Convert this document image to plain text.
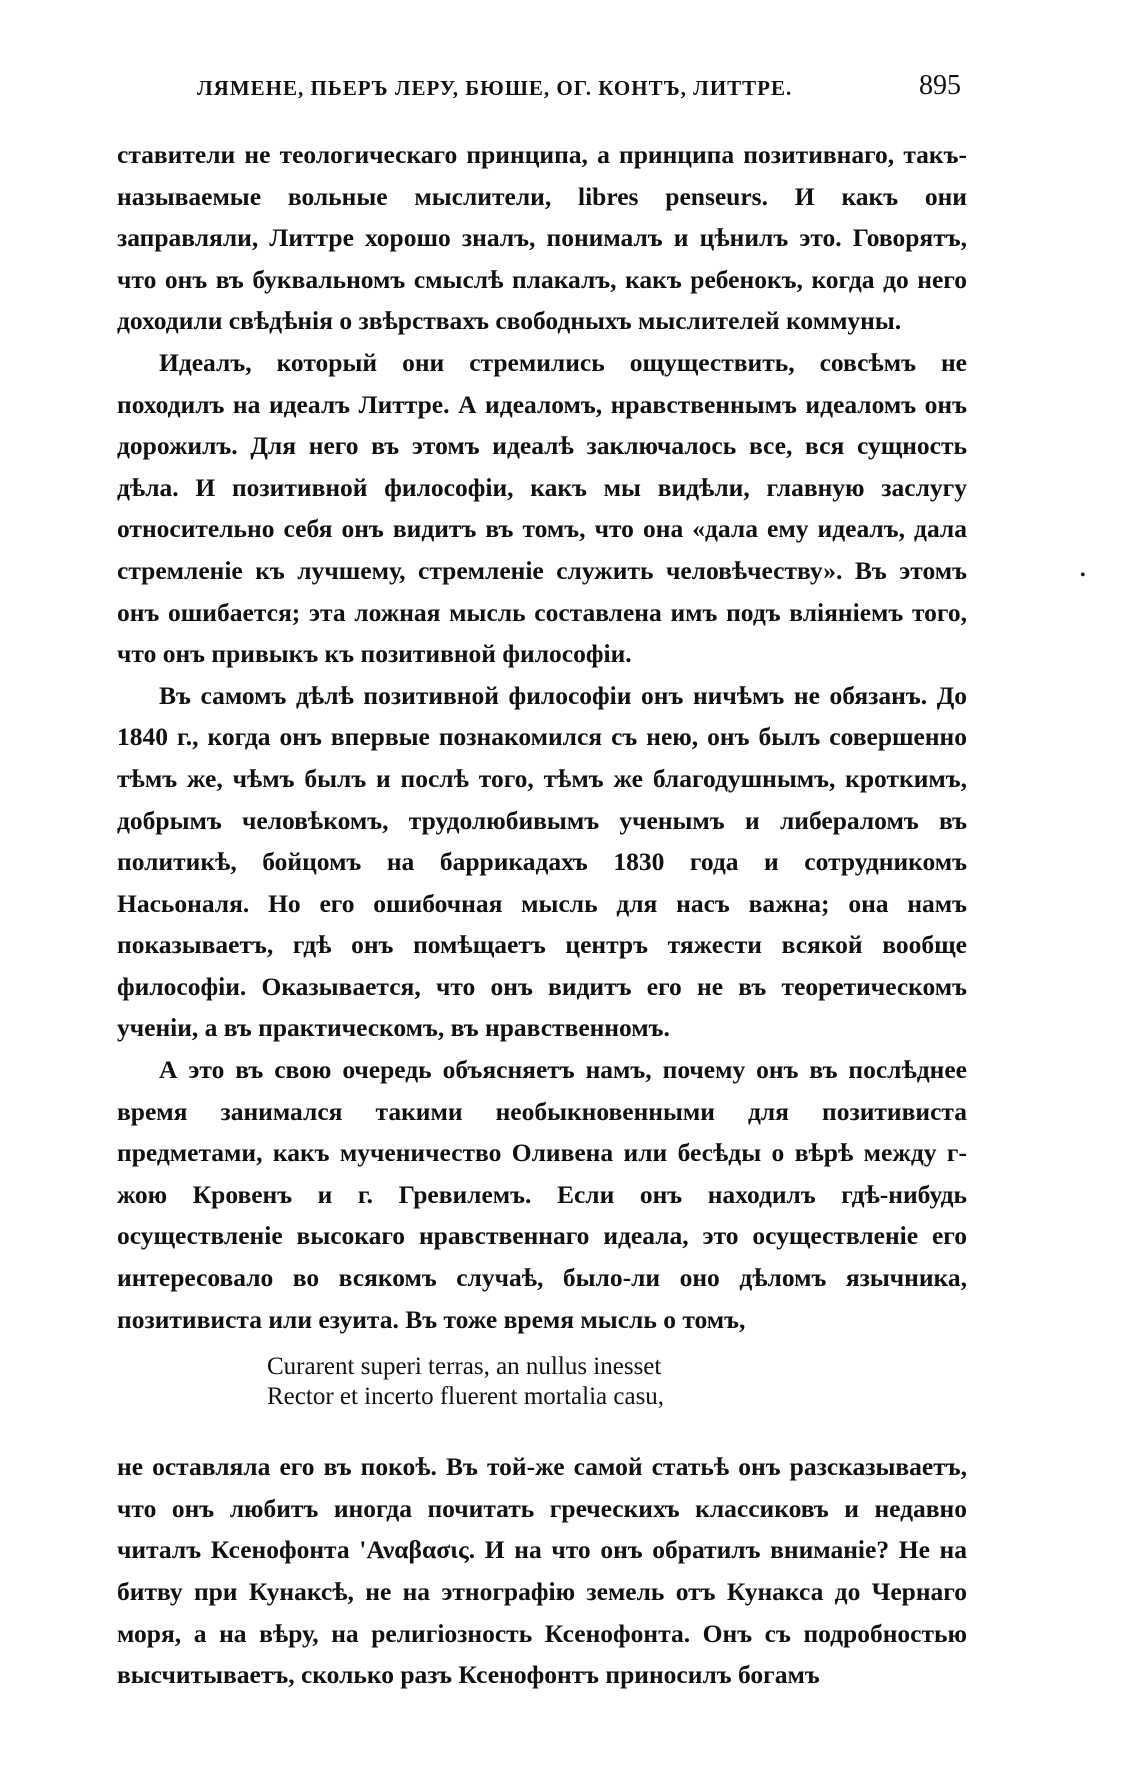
ЛЯМЕНЕ, ПЬЕРЪ ЛЕРУ, БЮШЕ, ОГ. КОНТЪ, ЛИТТРЕ.	895

ставители не теологическаго принципа, а принципа позитивнаго, такъ-называемые вольные мыслители, libres penseurs. И какъ они заправляли, Литтре хорошо зналъ, понималъ и цѣнилъ это. Говорятъ, что онъ въ буквальномъ смыслѣ плакалъ, какъ ребенокъ, когда до него доходили свѣдѣнія о звѣрствахъ свободныхъ мыслителей коммуны.

Идеалъ, который они стремились ощуществить, совсѣмъ не походилъ на идеалъ Литтре. А идеаломъ, нравственнымъ идеаломъ онъ дорожилъ. Для него въ этомъ идеалѣ заключалось все, вся сущность дѣла. И позитивной философіи, какъ мы видѣли, главную заслугу относительно себя онъ видитъ въ томъ, что она «дала ему идеалъ, дала стремленіе къ лучшему, стремленіе служить человѣчеству». Въ этомъ онъ ошибается; эта ложная мысль составлена имъ подъ вліяніемъ того, что онъ привыкъ къ позитивной философіи.

Въ самомъ дѣлѣ позитивной философіи онъ ничѣмъ не обязанъ. До 1840 г., когда онъ впервые познакомился съ нею, онъ былъ совершенно тѣмъ же, чѣмъ былъ и послѣ того, тѣмъ же благодушнымъ, кроткимъ, добрымъ человѣкомъ, трудолюбивымъ ученымъ и либераломъ въ политикѣ, бойцомъ на баррикадахъ 1830 года и сотрудникомъ Насьоналя. Но его ошибочная мысль для насъ важна; она намъ показываетъ, гдѣ онъ помѣщаетъ центръ тяжести всякой вообще философіи. Оказывается, что онъ видитъ его не въ теоретическомъ ученіи, а въ практическомъ, въ нравственномъ.

А это въ свою очередь объясняетъ намъ, почему онъ въ послѣднее время занимался такими необыкновенными для позитивиста предметами, какъ мученичество Оливена или бесѣды о вѣрѣ между г-жою Кровенъ и г. Гревилемъ. Если онъ находилъ гдѣ-нибудь осуществленіе высокаго нравственнаго идеала, это осуществленіе его интересовало во всякомъ случаѣ, было-ли оно дѣломъ язычника, позитивиста или езуита. Въ тоже время мысль о томъ,

Curarent superi terras, an nullus inesset
Rector et incerto fluerent mortalia casu,

не оставляла его въ покоѣ. Въ той-же самой статьѣ онъ разсказываетъ, что онъ любитъ иногда почитать греческихъ классиковъ и недавно читалъ Ксенофонта 'Αναβασις. И на что онъ обратилъ вниманіе? Не на битву при Кунаксѣ, не на этнографію земель отъ Кунакса до Чернаго моря, а на вѣру, на религіозность Ксенофонта. Онъ съ подробностью высчитываетъ, сколько разъ Ксенофонтъ приносилъ богамъ

•
